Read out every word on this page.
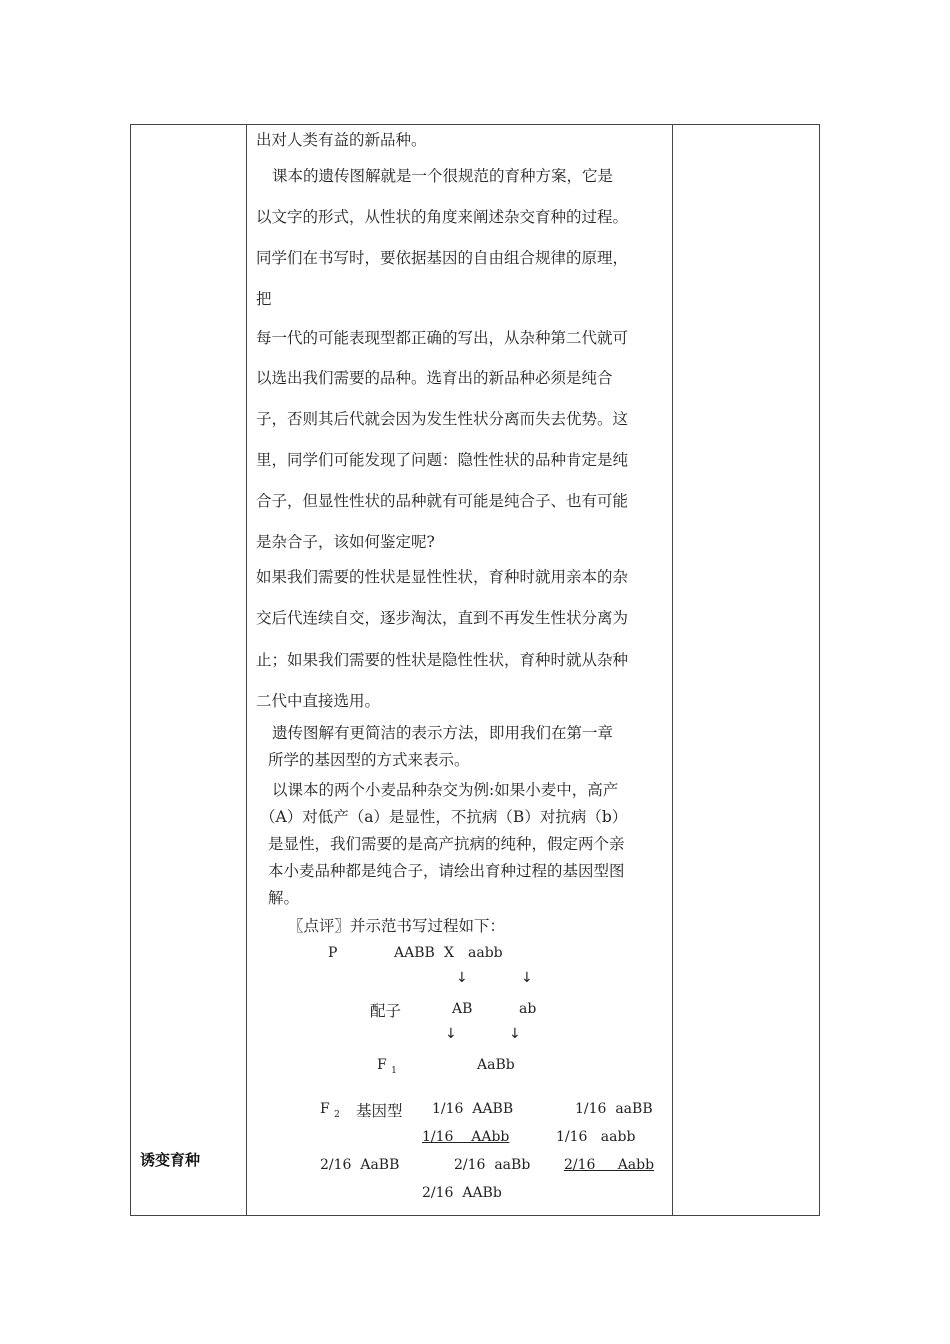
诱变育种
出对人类有益的新品种。
课本的遗传图解就是一个很规范的育种方案，它是
以文字的形式，从性状的角度来阐述杂交育种的过程。
同学们在书写时，要依据基因的自由组合规律的原理，
把
每一代的可能表现型都正确的写出，从杂种第二代就可
以选出我们需要的品种。选育出的新品种必须是纯合
子，否则其后代就会因为发生性状分离而失去优势。这
里，同学们可能发现了问题：隐性性状的品种肯定是纯
合子，但显性性状的品种就有可能是纯合子、也有可能
是杂合子，该如何鉴定呢?
如果我们需要的性状是显性性状，育种时就用亲本的杂
交后代连续自交，逐步淘汰，直到不再发生性状分离为
止；如果我们需要的性状是隐性性状，育种时就从杂种
二代中直接选用。
遗传图解有更简洁的表示方法，即用我们在第一章
所学的基因型的方式来表示。
以课本的两个小麦品种杂交为例:如果小麦中，高产
（A）对低产（a）是显性，不抗病（B）对抗病（b）
是显性，我们需要的是高产抗病的纯种，假定两个亲
本小麦品种都是纯合子，请绘出育种过程的基因型图
解。
〖点评〗并示范书写过程如下：
P	AABB X aabb
↓	↓
配子	AB	ab
↓	↓
F $_1$	AaBb
F $_2$ 基因型 1/16  AABB	1/16  aaBB
1/16    AAbb	1/16   aabb
2/16  AaBB	2/16  aaBb 2/16     Aabb
2/16  AABb
